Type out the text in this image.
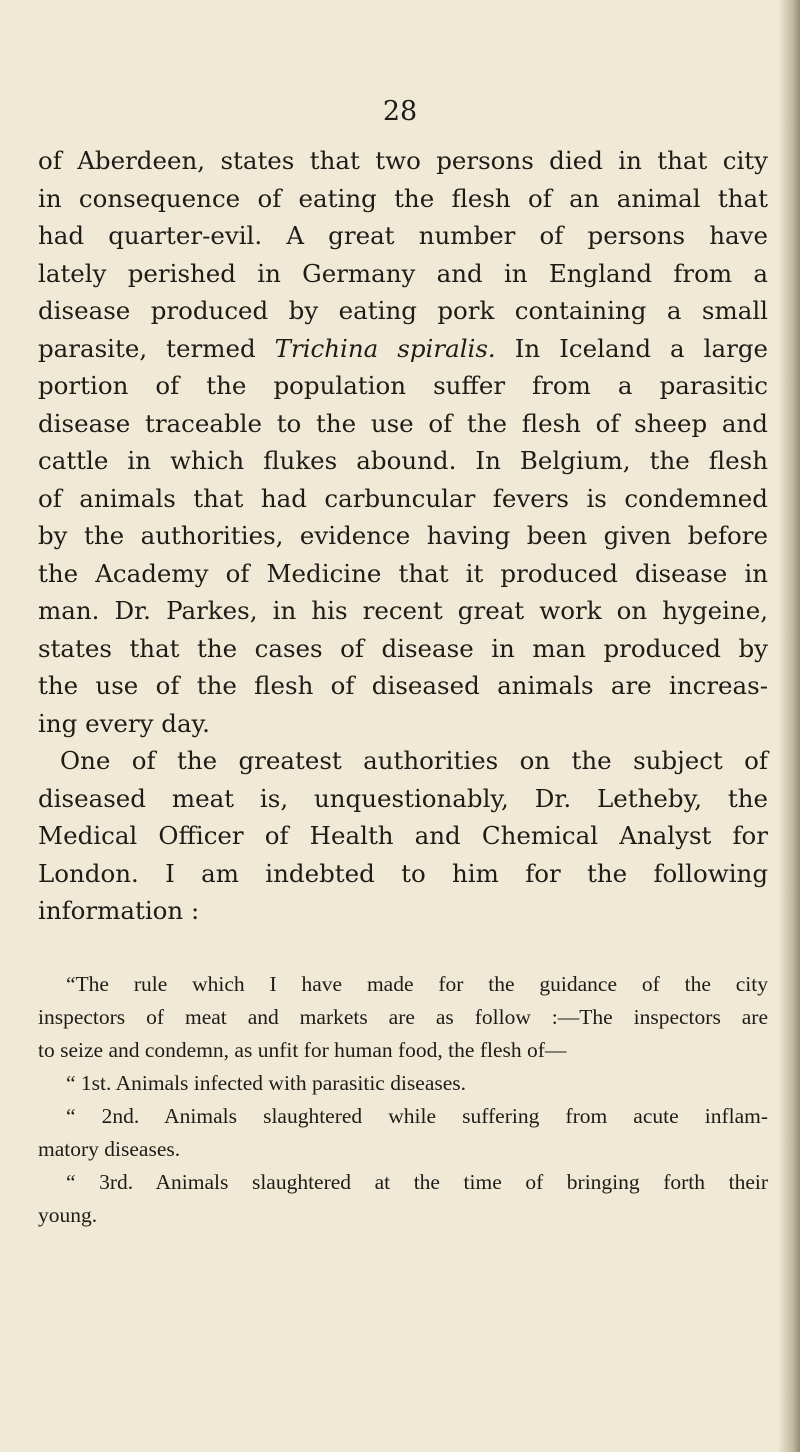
28
of Aberdeen, states that two persons died in that city
in consequence of eating the flesh of an animal that
had quarter-evil. A great number of persons have
lately perished in Germany and in England from a
disease produced by eating pork containing a small
parasite, termed Trichina spiralis. In Iceland a large
portion of the population suffer from a parasitic
disease traceable to the use of the flesh of sheep and
cattle in which flukes abound. In Belgium, the flesh
of animals that had carbuncular fevers is condemned
by the authorities, evidence having been given before
the Academy of Medicine that it produced disease in
man. Dr. Parkes, in his recent great work on hygeine,
states that the cases of disease in man produced by
the use of the flesh of diseased animals are increas-
ing every day.
One of the greatest authorities on the subject of
diseased meat is, unquestionably, Dr. Letheby, the
Medical Officer of Health and Chemical Analyst for
London. I am indebted to him for the following
information :
“The rule which I have made for the guidance of the city
inspectors of meat and markets are as follow :—The inspectors are
to seize and condemn, as unfit for human food, the flesh of—
“ 1st. Animals infected with parasitic diseases.
“ 2nd. Animals slaughtered while suffering from acute inflam-
matory diseases.
“ 3rd. Animals slaughtered at the time of bringing forth their
young.
